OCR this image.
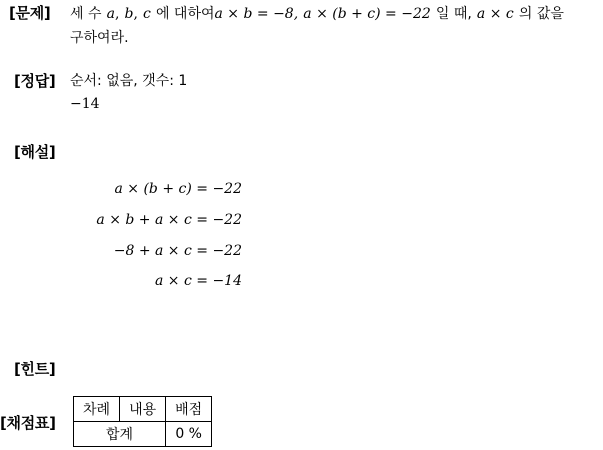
[문제] 세 수 a, b, c 에 대하여a × b = −8, a × (b + c) = −22 일 때, a × c 의 값을
구하여라.
[정답] 순서: 없음, 갯수: 1
−14
[해설]
a × (b + c) = −22
a × b + a × c = −22
−8 + a × c = −22
a × c = −14
[힌트]
[채점표]
차례	내용	배점
합계		0 %
